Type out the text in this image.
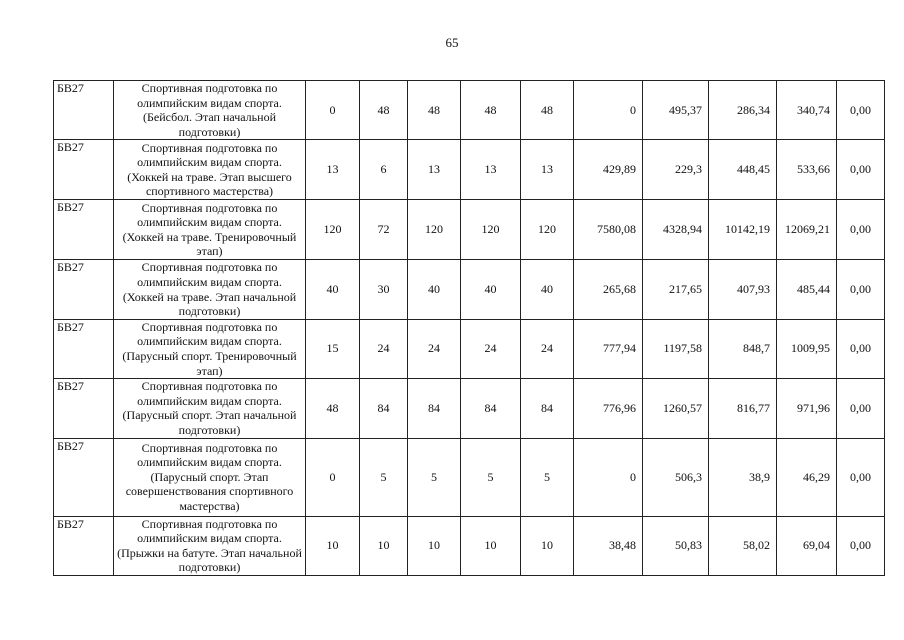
65
БВ27	Спортивная подготовка по олимпийским видам спорта. (Бейсбол. Этап начальной подготовки)	0	48	48	48	48	0	495,37	286,34	340,74	0,00
БВ27	Спортивная подготовка по олимпийским видам спорта. (Хоккей на траве. Этап высшего спортивного мастерства)	13	6	13	13	13	429,89	229,3	448,45	533,66	0,00
БВ27	Спортивная подготовка по олимпийским видам спорта. (Хоккей на траве. Тренировочный этап)	120	72	120	120	120	7580,08	4328,94	10142,19	12069,21	0,00
БВ27	Спортивная подготовка по олимпийским видам спорта. (Хоккей на траве. Этап начальной подготовки)	40	30	40	40	40	265,68	217,65	407,93	485,44	0,00
БВ27	Спортивная подготовка по олимпийским видам спорта. (Парусный спорт. Тренировочный этап)	15	24	24	24	24	777,94	1197,58	848,7	1009,95	0,00
БВ27	Спортивная подготовка по олимпийским видам спорта. (Парусный спорт. Этап начальной подготовки)	48	84	84	84	84	776,96	1260,57	816,77	971,96	0,00
БВ27	Спортивная подготовка по олимпийским видам спорта. (Парусный спорт. Этап совершенствования спортивного мастерства)	0	5	5	5	5	0	506,3	38,9	46,29	0,00
БВ27	Спортивная подготовка по олимпийским видам спорта. (Прыжки на батуте. Этап начальной подготовки)	10	10	10	10	10	38,48	50,83	58,02	69,04	0,00
